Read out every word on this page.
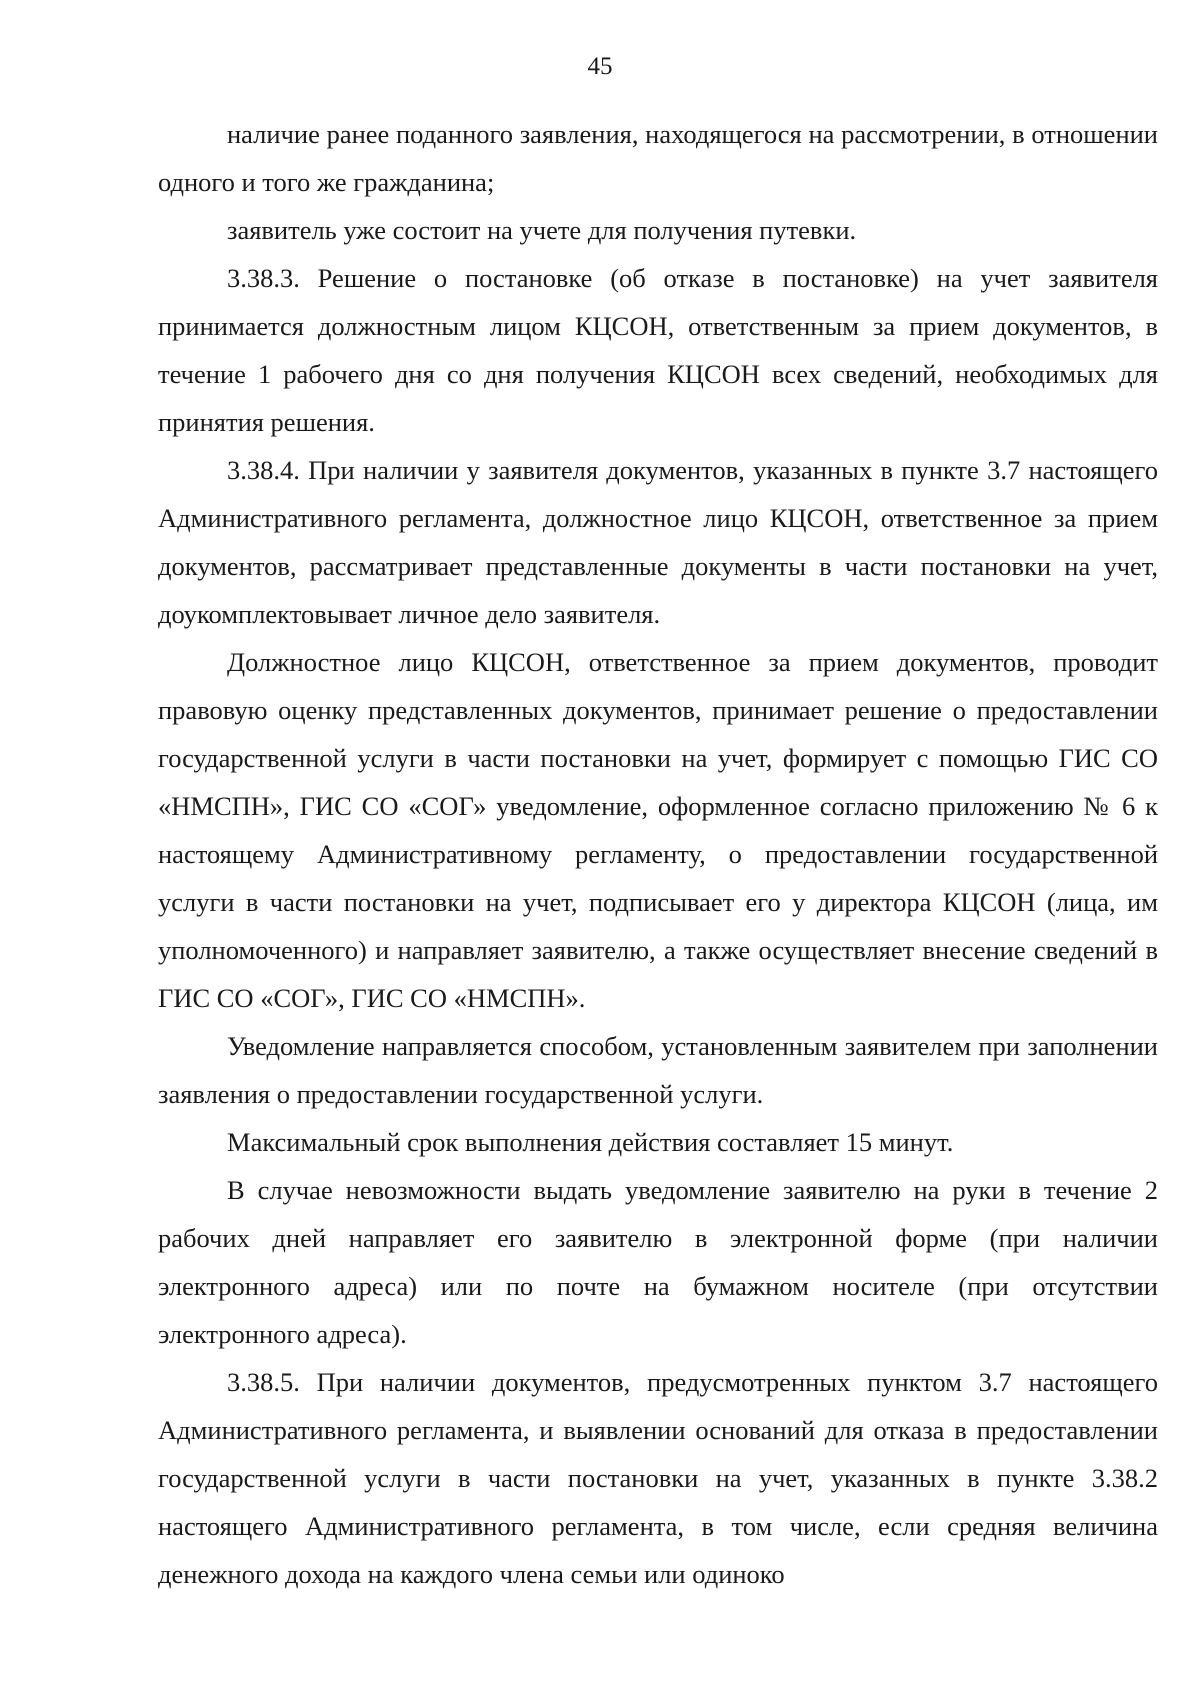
45

наличие ранее поданного заявления, находящегося на рассмотрении, в отношении одного и того же гражданина;

заявитель уже состоит на учете для получения путевки.

3.38.3. Решение о постановке (об отказе в постановке) на учет заявителя принимается должностным лицом КЦСОН, ответственным за прием документов, в течение 1 рабочего дня со дня получения КЦСОН всех сведений, необходимых для принятия решения.

3.38.4. При наличии у заявителя документов, указанных в пункте 3.7 настоящего Административного регламента, должностное лицо КЦСОН, ответственное за прием документов, рассматривает представленные документы в части постановки на учет, доукомплектовывает личное дело заявителя.

Должностное лицо КЦСОН, ответственное за прием документов, проводит правовую оценку представленных документов, принимает решение о предоставлении государственной услуги в части постановки на учет, формирует с помощью ГИС СО «НМСПН», ГИС СО «СОГ» уведомление, оформленное согласно приложению № 6 к настоящему Административному регламенту, о предоставлении государственной услуги в части постановки на учет, подписывает его у директора КЦСОН (лица, им уполномоченного) и направляет заявителю, а также осуществляет внесение сведений в ГИС СО «СОГ», ГИС СО «НМСПН».

Уведомление направляется способом, установленным заявителем при заполнении заявления о предоставлении государственной услуги.

Максимальный срок выполнения действия составляет 15 минут.

В случае невозможности выдать уведомление заявителю на руки в течение 2 рабочих дней направляет его заявителю в электронной форме (при наличии электронного адреса) или по почте на бумажном носителе (при отсутствии электронного адреса).

3.38.5. При наличии документов, предусмотренных пунктом 3.7 настоящего Административного регламента, и выявлении оснований для отказа в предоставлении государственной услуги в части постановки на учет, указанных в пункте 3.38.2 настоящего Административного регламента, в том числе, если средняя величина денежного дохода на каждого члена семьи или одиноко
